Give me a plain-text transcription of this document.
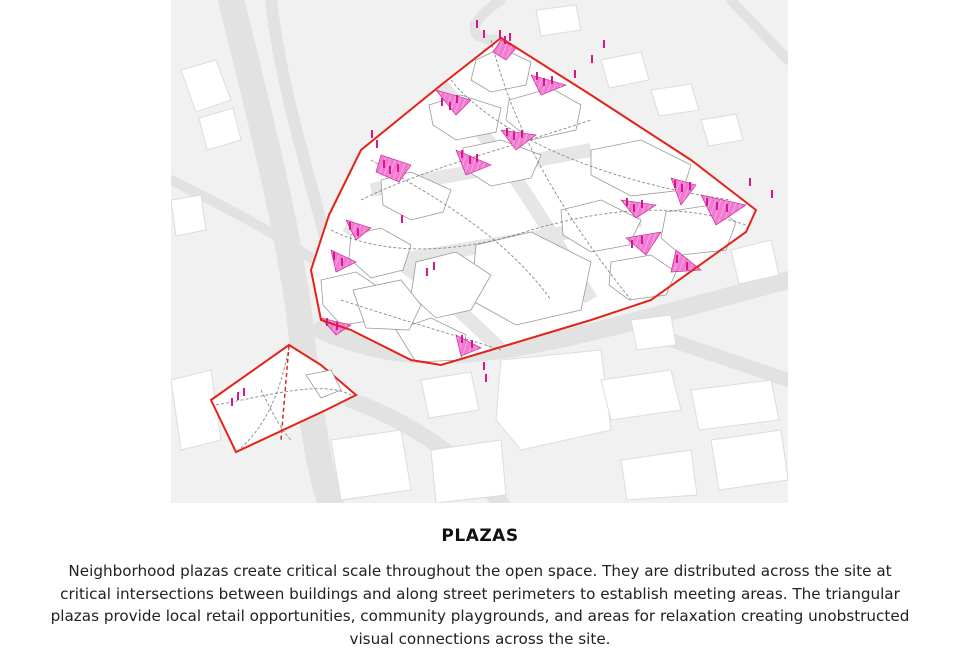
PLAZAS
Neighborhood plazas create critical scale throughout the open space. They are distributed across the site at
critical intersections between buildings and along street perimeters to establish meeting areas. The triangular
plazas provide local retail opportunities, community playgrounds, and areas for relaxation creating unobstructed
visual connections across the site.
